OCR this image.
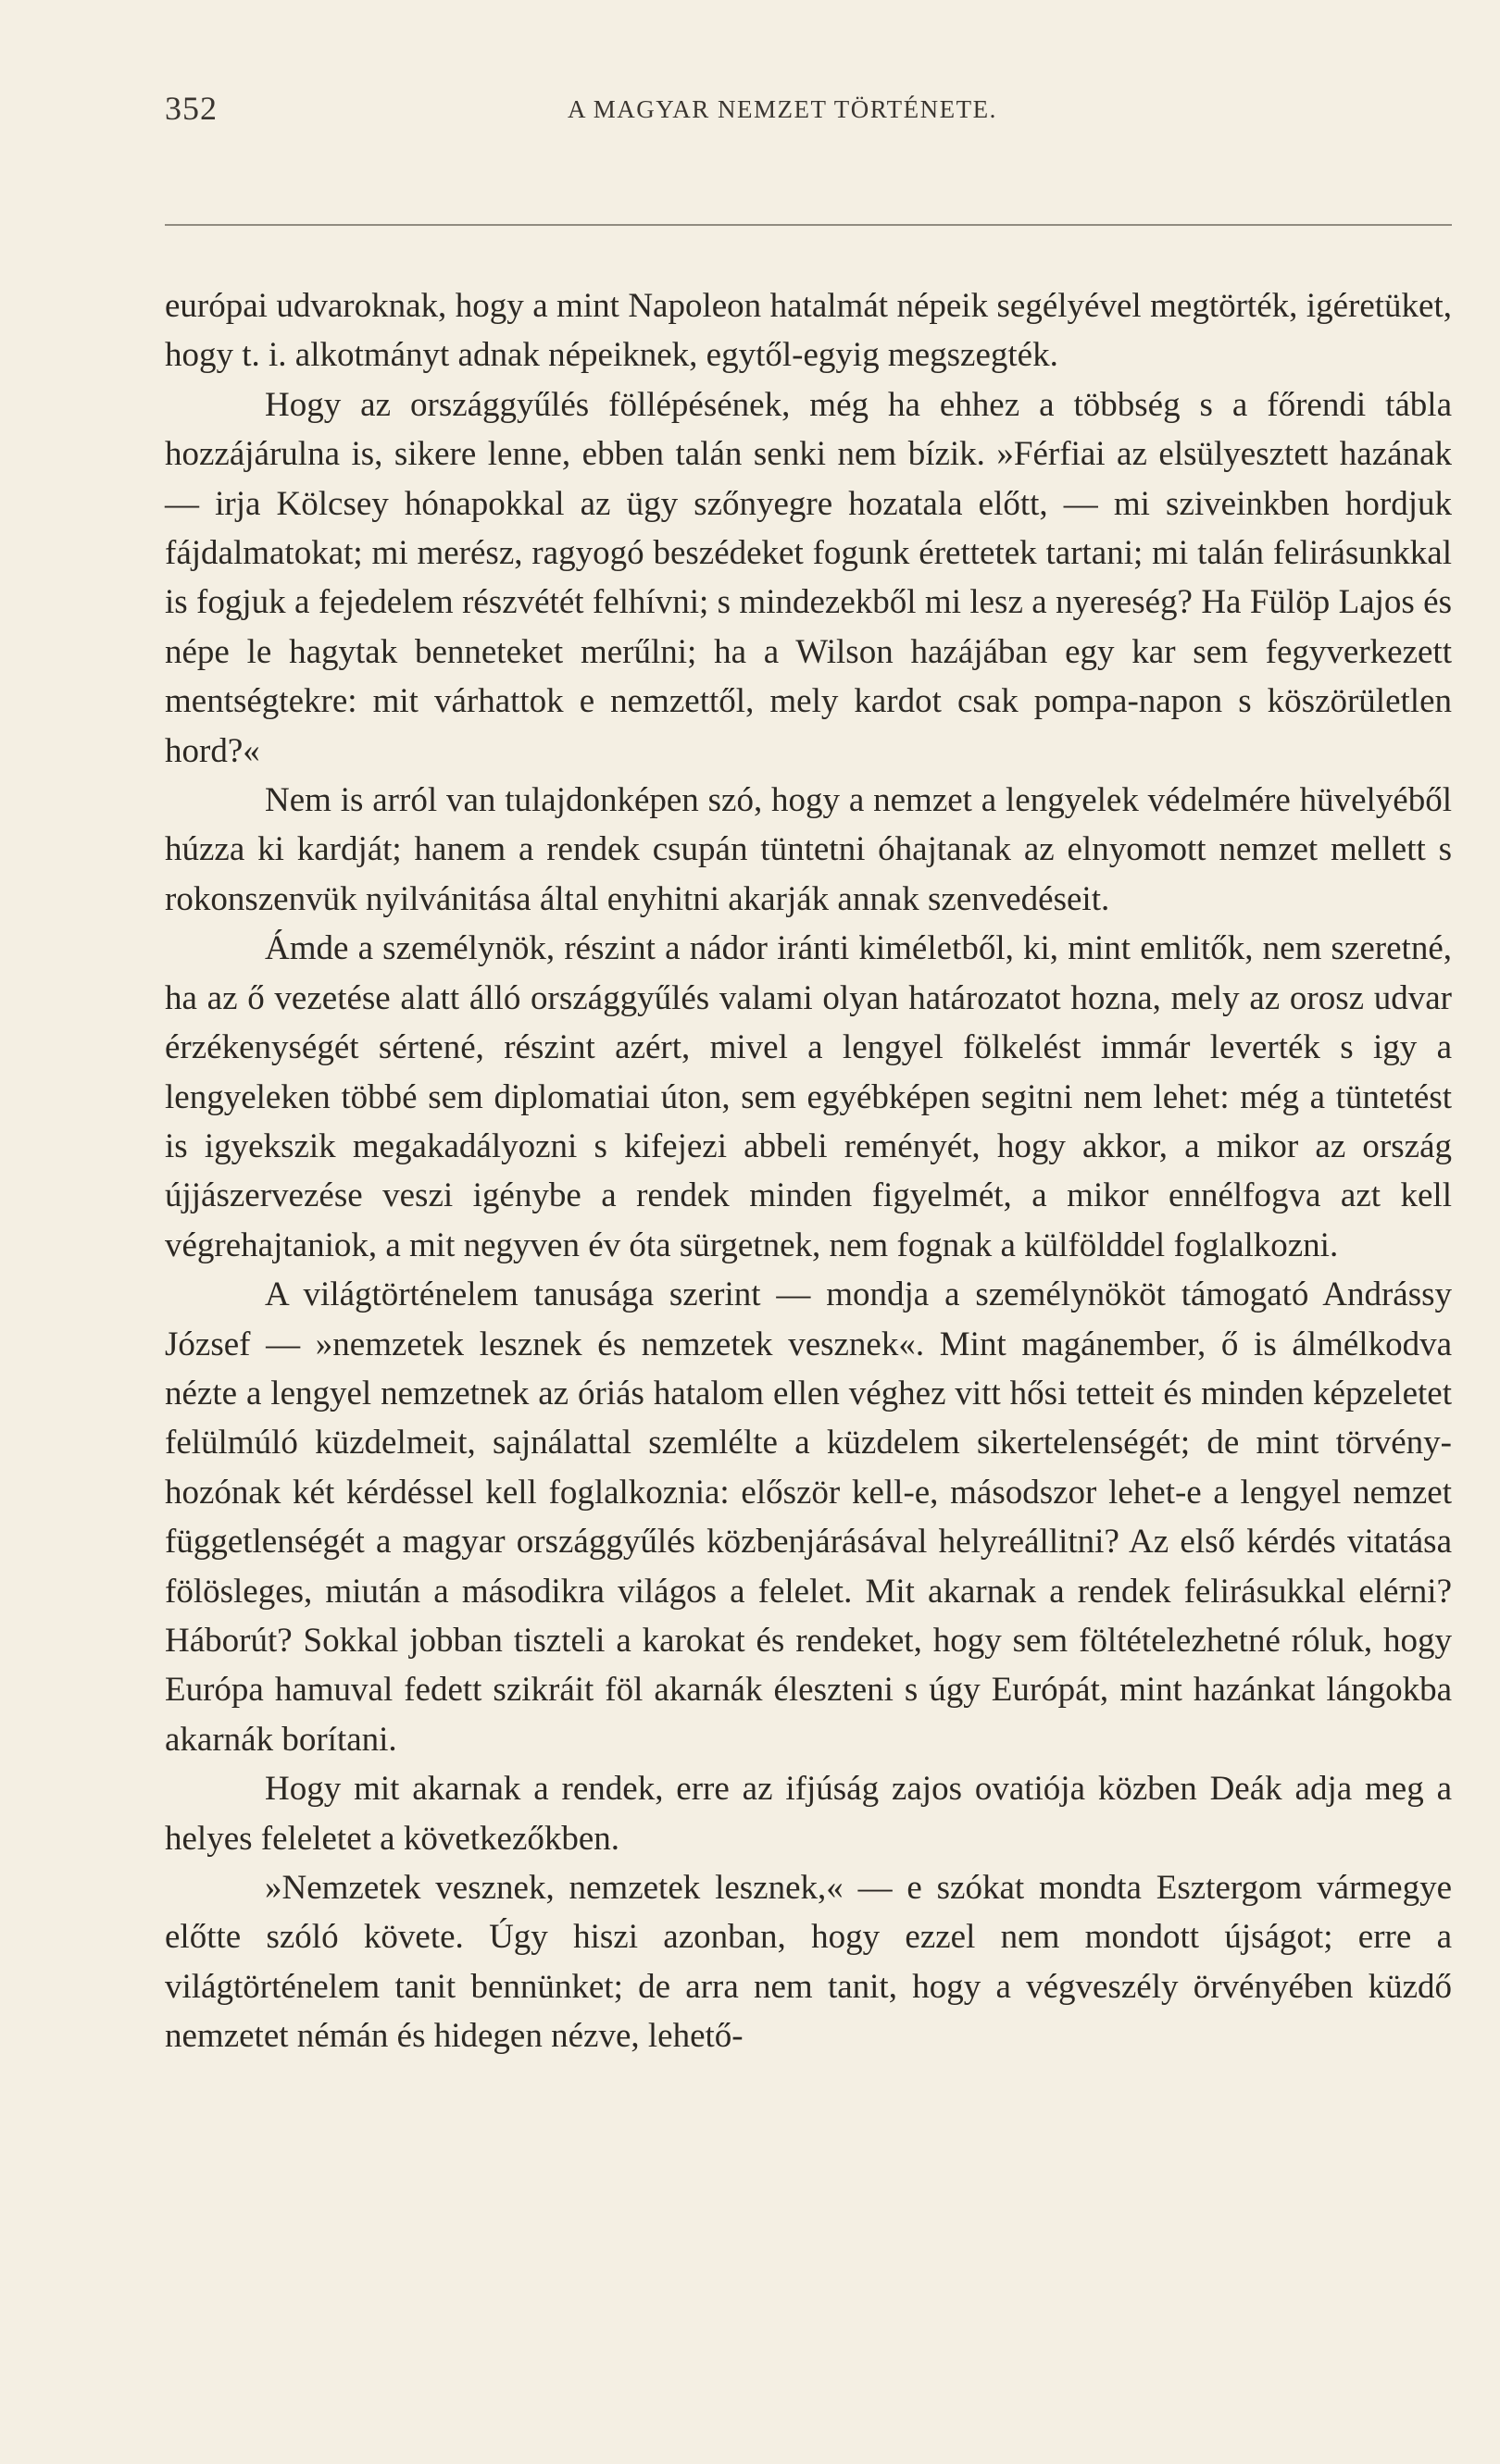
352	A MAGYAR NEMZET TÖRTÉNETE.

európai udvaroknak, hogy a mint Napoleon hatalmát népeik segélyével megtörték, igéretüket, hogy t. i. alkotmányt adnak népeiknek, egytől-egyig megszegték.

Hogy az országgyűlés föllépésének, még ha ehhez a többség s a főrendi tábla hozzájárulna is, sikere lenne, ebben talán senki nem bízik. »Férfiai az elsülyesztett hazának — irja Kölcsey hónapokkal az ügy szőnyegre hozatala előtt, — mi sziveinkben hordjuk fájdalmatokat; mi merész, ragyogó beszédeket fogunk érettetek tartani; mi talán felirásunkkal is fogjuk a fejedelem részvétét felhívni; s mindezekből mi lesz a nyereség? Ha Fülöp Lajos és népe le hagytak benneteket merűlni; ha a Wilson hazájában egy kar sem fegyverkezett mentségtekre: mit várhattok e nemzettől, mely kardot csak pompa-napon s köszörületlen hord?«

Nem is arról van tulajdonképen szó, hogy a nemzet a lengyelek védelmére hüvelyéből húzza ki kardját; hanem a rendek csupán tüntetni óhajtanak az elnyomott nemzet mellett s rokonszenvük nyilvánitása által enyhitni akarják annak szenvedéseit.

Ámde a személynök, részint a nádor iránti kiméletből, ki, mint emlitők, nem szeretné, ha az ő vezetése alatt álló országgyűlés valami olyan határozatot hozna, mely az orosz udvar érzékenységét sértené, részint azért, mivel a lengyel fölkelést immár leverték s igy a lengyeleken többé sem diplomatiai úton, sem egyébképen segitni nem lehet: még a tüntetést is igyekszik megakadályozni s kifejezi abbeli reményét, hogy akkor, a mikor az ország újjászervezése veszi igénybe a rendek minden figyelmét, a mikor ennélfogva azt kell végrehajtaniok, a mit negyven év óta sürgetnek, nem fognak a külfölddel foglalkozni.

A világtörténelem tanusága szerint — mondja a személynököt támogató Andrássy József — »nemzetek lesznek és nemzetek vesznek«. Mint magánember, ő is álmélkodva nézte a lengyel nemzetnek az óriás hatalom ellen véghez vitt hősi tetteit és minden képzeletet felülmúló küzdelmeit, sajnálattal szemlélte a küzdelem sikertelenségét; de mint törvényhozónak két kérdéssel kell foglalkoznia: először kell-e, másodszor lehet-e a lengyel nemzet függetlenségét a magyar országgyűlés közbenjárásával helyreállitni? Az első kérdés vitatása fölösleges, miután a másodikra világos a felelet. Mit akarnak a rendek felirásukkal elérni? Háborút? Sokkal jobban tiszteli a karokat és rendeket, hogy sem föltételezhetné róluk, hogy Európa hamuval fedett szikráit föl akarnák éleszteni s úgy Európát, mint hazánkat lángokba akarnák borítani.

Hogy mit akarnak a rendek, erre az ifjúság zajos ovatiója közben Deák adja meg a helyes feleletet a következőkben.

»Nemzetek vesznek, nemzetek lesznek,« — e szókat mondta Esztergom vármegye előtte szóló követe. Úgy hiszi azonban, hogy ezzel nem mondott újságot; erre a világtörténelem tanit bennünket; de arra nem tanit, hogy a végveszély örvényében küzdő nemzetet némán és hidegen nézve, lehető-
